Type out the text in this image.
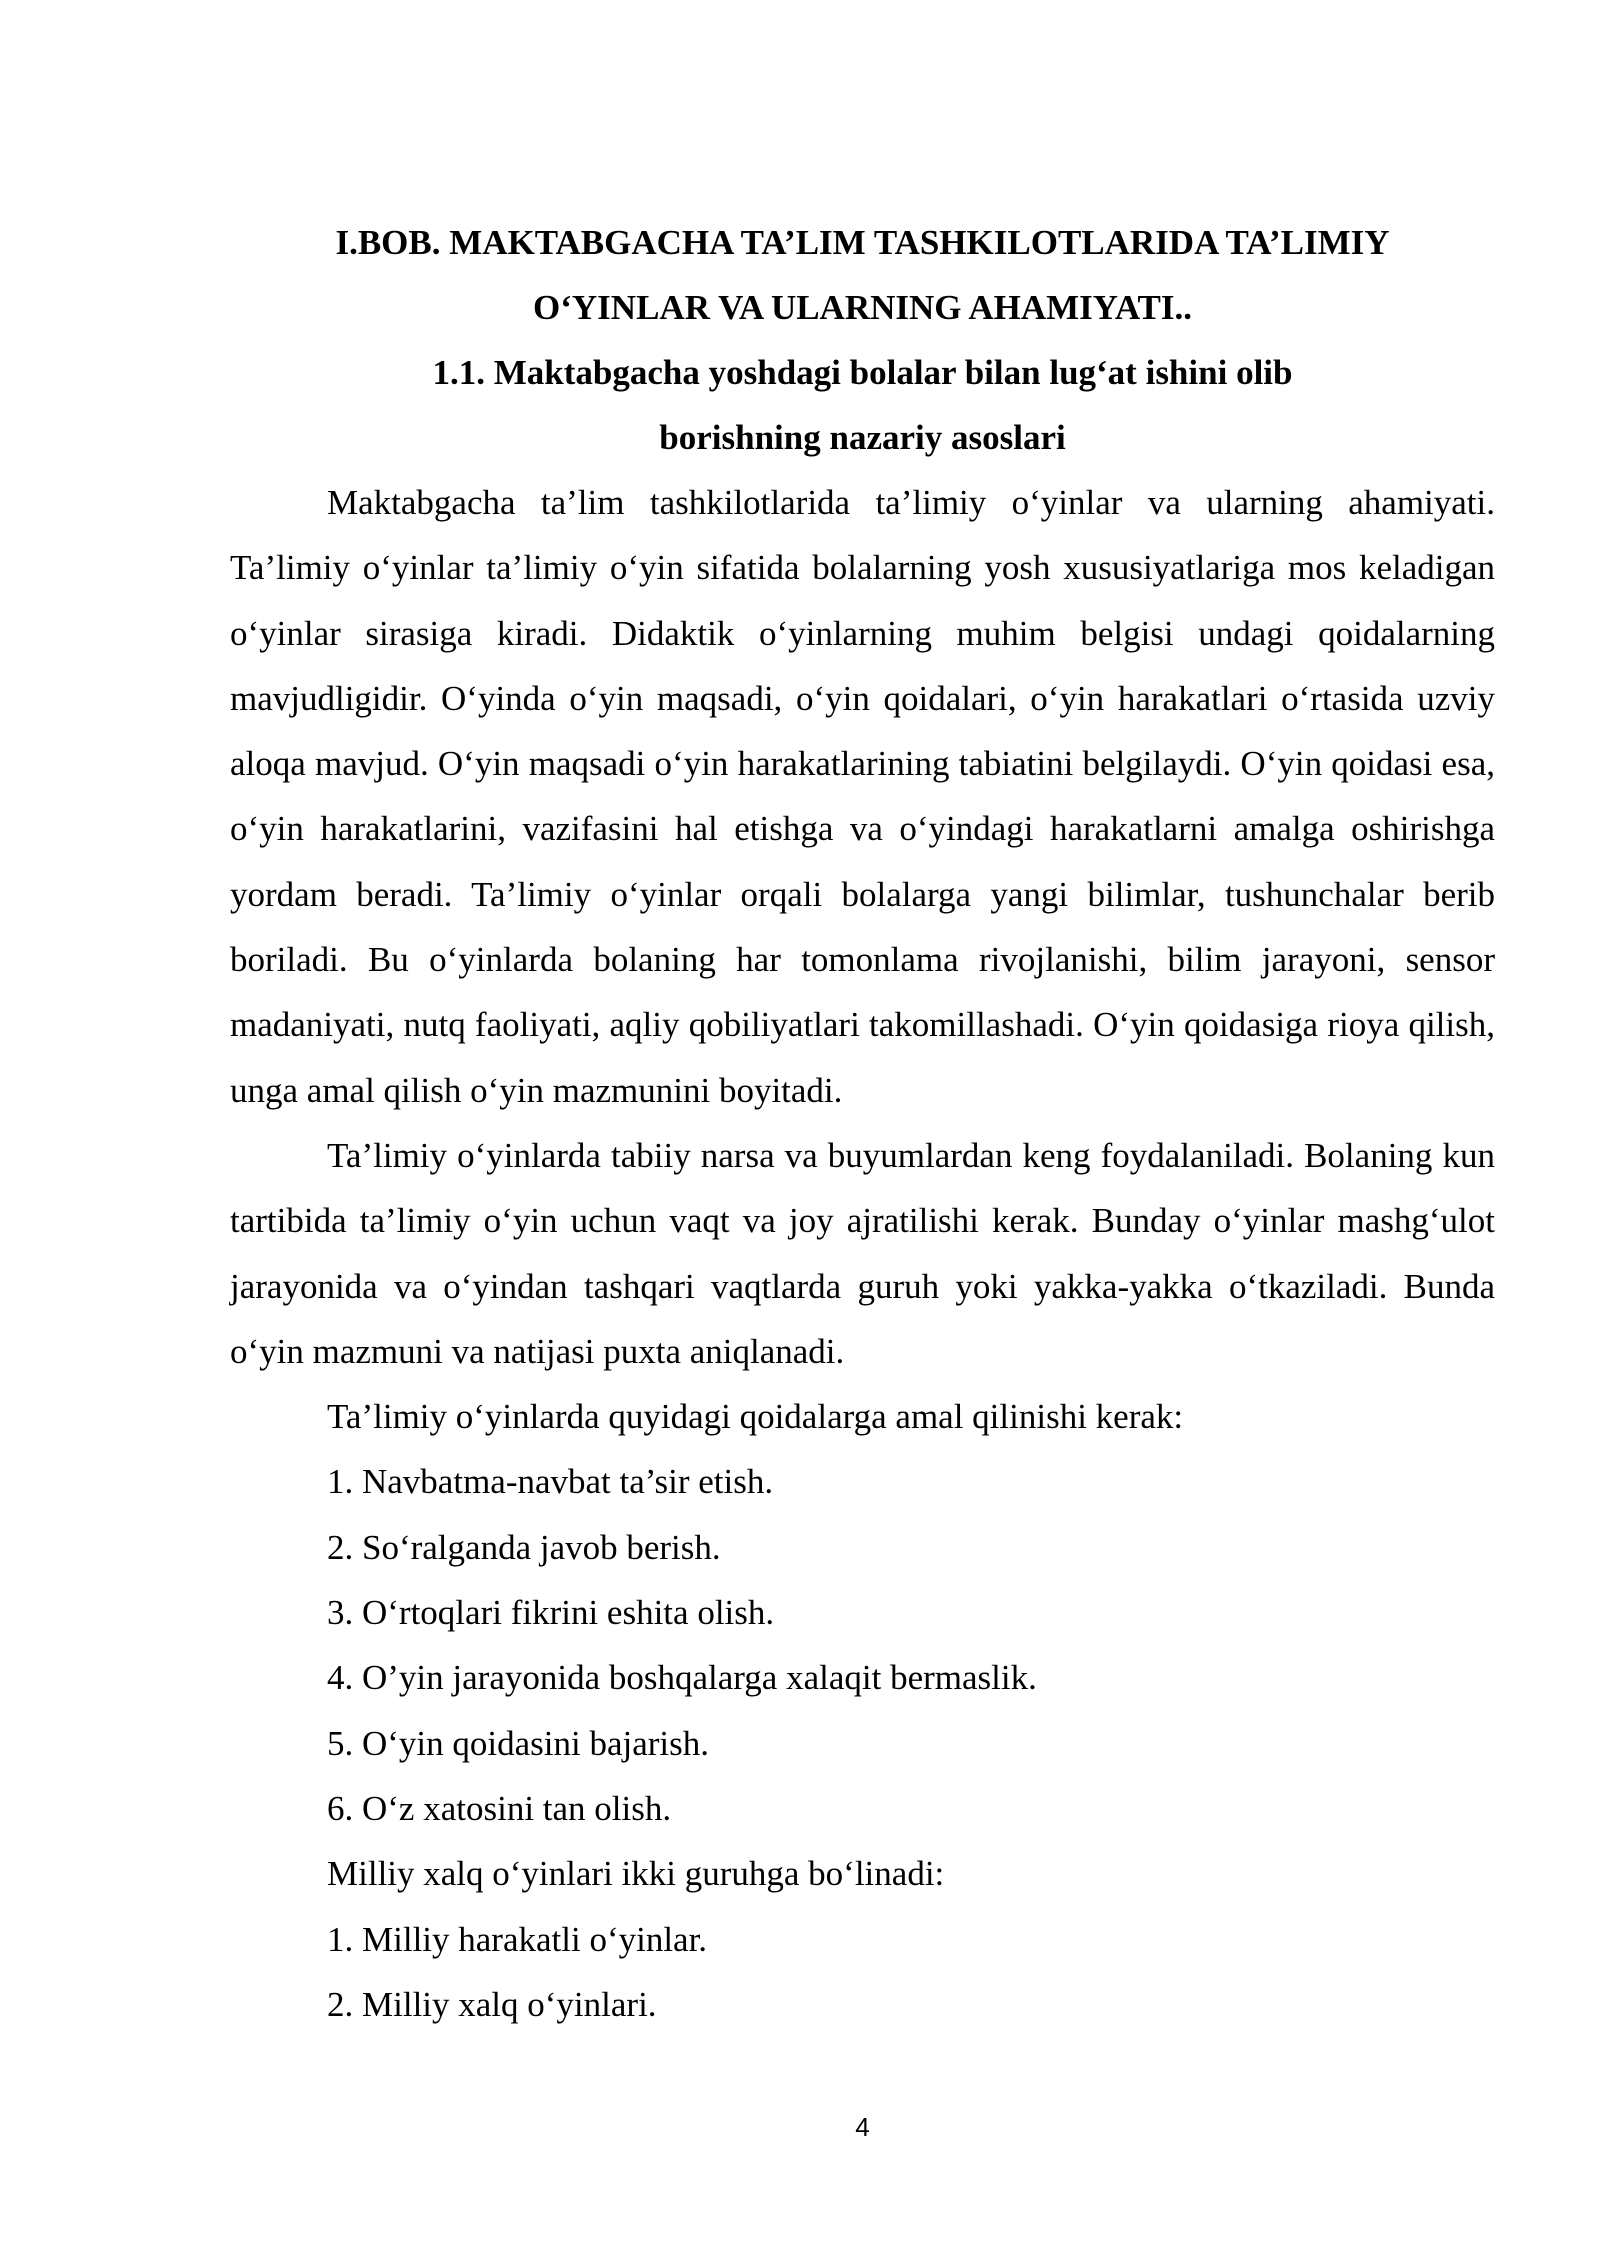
I.BOB. MAKTABGACHA TA’LIM TASHKILOTLARIDA TA’LIMIY

O‘YINLAR VA ULARNING AHAMIYATI..

1.1. Maktabgacha yoshdagi bolalar bilan lug‘at ishini olib

borishning nazariy asoslari

Maktabgacha ta’lim tashkilotlarida ta’limiy o‘yinlar va ularning ahamiyati. Ta’limiy o‘yinlar ta’limiy o‘yin sifatida bolalarning yosh xususiyatlariga mos keladigan o‘yinlar sirasiga kiradi. Didaktik o‘yinlarning muhim belgisi undagi qoidalarning mavjudligidir. O‘yinda o‘yin maqsadi, o‘yin qoidalari, o‘yin harakatlari o‘rtasida uzviy aloqa mavjud. O‘yin maqsadi o‘yin harakatlarining tabiatini belgilaydi. O‘yin qoidasi esa, o‘yin harakatlarini, vazifasini hal etishga va o‘yindagi harakatlarni amalga oshirishga yordam beradi. Ta’limiy o‘yinlar orqali bolalarga yangi bilimlar, tushunchalar berib boriladi. Bu o‘yinlarda bolaning har tomonlama rivojlanishi, bilim jarayoni, sensor madaniyati, nutq faoliyati, aqliy qobiliyatlari takomillashadi. O‘yin qoidasiga rioya qilish, unga amal qilish o‘yin mazmunini boyitadi.

Ta’limiy o‘yinlarda tabiiy narsa va buyumlardan keng foydalaniladi. Bolaning kun tartibida ta’limiy o‘yin uchun vaqt va joy ajratilishi kerak. Bunday o‘yinlar mashg‘ulot jarayonida va o‘yindan tashqari vaqtlarda guruh yoki yakka-yakka o‘tkaziladi. Bunda o‘yin mazmuni va natijasi puxta aniqlanadi.

Ta’limiy o‘yinlarda quyidagi qoidalarga amal qilinishi kerak:

1. Navbatma-navbat ta’sir etish.

2. So‘ralganda javob berish.

3. O‘rtoqlari fikrini eshita olish.

4. O’yin jarayonida boshqalarga xalaqit bermaslik.

5. O‘yin qoidasini bajarish.

6. O‘z xatosini tan olish.

Milliy xalq o‘yinlari ikki guruhga bo‘linadi:

1. Milliy harakatli o‘yinlar.

2. Milliy xalq o‘yinlari.

4
